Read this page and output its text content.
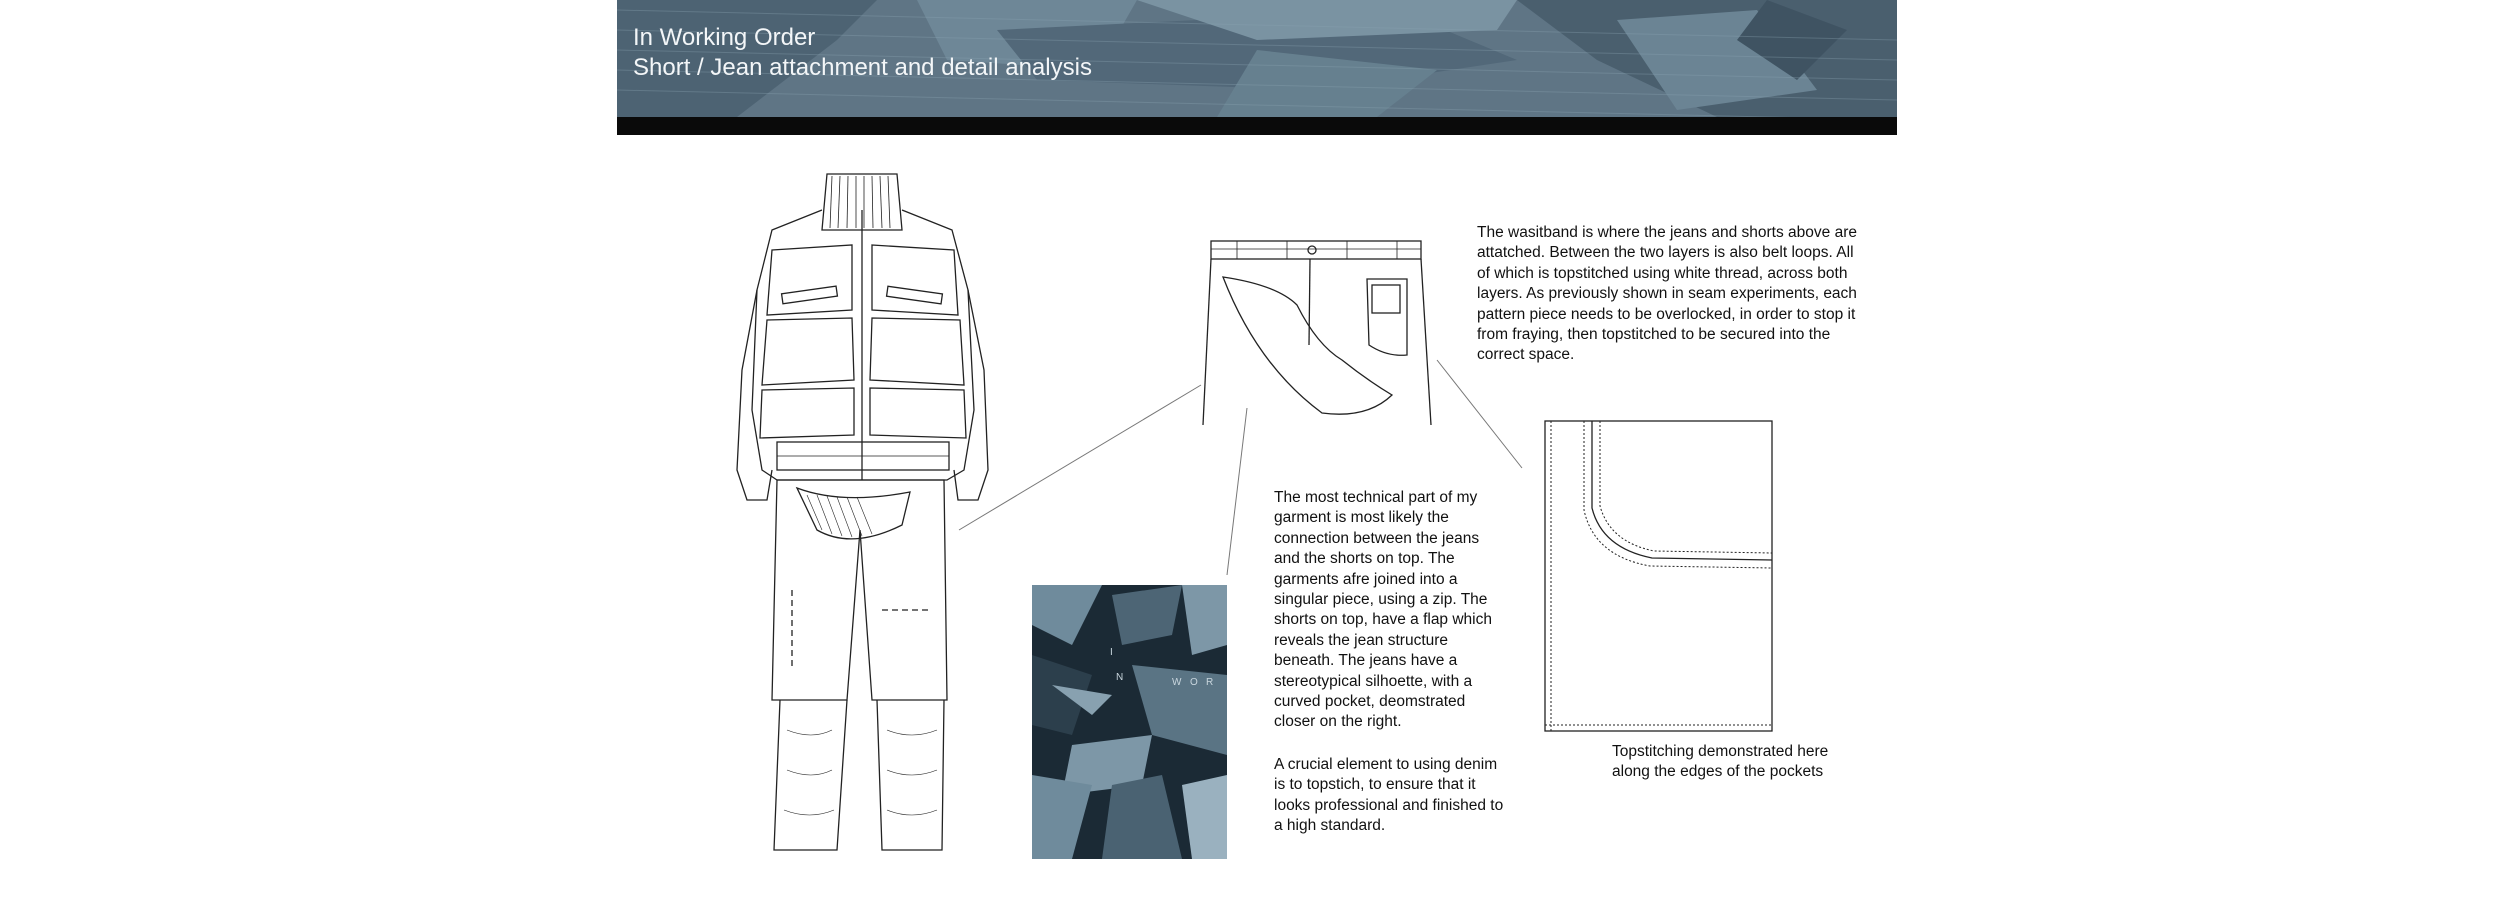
In Working Order
Short / Jean attachment and detail analysis
I
N	W O R
The wasitband is where the jeans and shorts above are attatched. Between the two layers is also belt loops. All of which is topstitched using white thread, across both layers. As previously shown in seam experiments, each pattern piece needs to be overlocked, in order to stop it from fraying, then topstitched to be secured into the correct space.

The most technical part of my garment is most likely the connection between the jeans and the shorts on top. The garments afre joined into a singular piece, using a zip. The shorts on top, have a flap which reveals the jean structure beneath. The jeans have a stereotypical silhoette, with a curved pocket, deomstrated closer on the right.

A crucial element to using denim is to topstich, to ensure that it looks professional and finished to a high standard.

Topstitching demonstrated here along the edges of the pockets
